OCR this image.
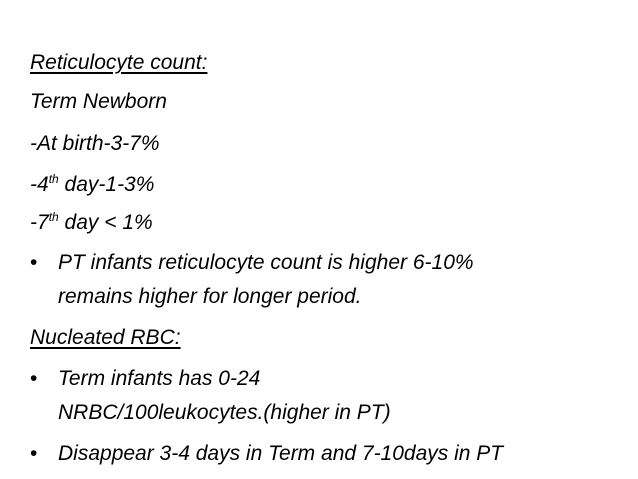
Reticulocyte count:
Term Newborn
-At birth-3-7%
-4th day-1-3%
-7th day < 1%
• PT infants reticulocyte count is higher 6-10%
remains higher for longer period.
Nucleated RBC:
• Term infants has 0-24
NRBC/100leukocytes.(higher in PT)
• Disappear 3-4 days in Term and 7-10days in PT
